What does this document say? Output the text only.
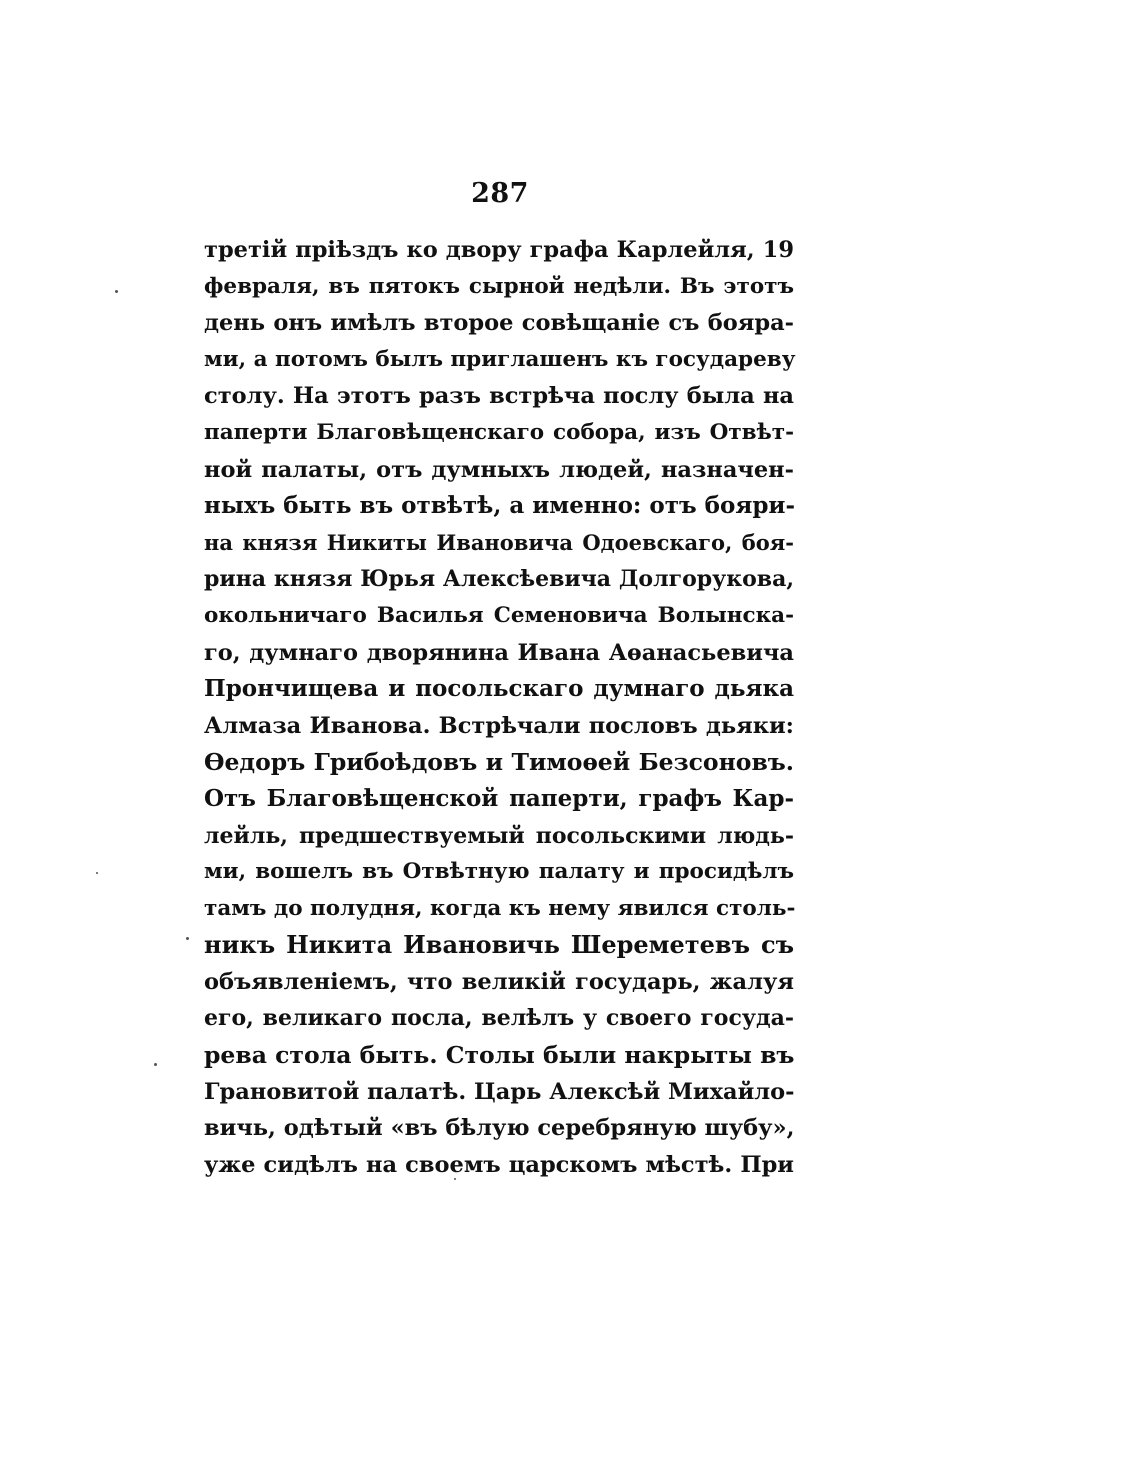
287
третій пріѣздъ ко двору графа Карлейля, 19
февраля, въ пятокъ сырной недѣли. Въ этотъ
день онъ имѣлъ второе совѣщаніе съ бояра-
ми, а потомъ былъ приглашенъ къ государеву
столу. На этотъ разъ встрѣча послу была на
паперти Благовѣщенскаго собора, изъ Отвѣт-
ной палаты, отъ думныхъ людей, назначен-
ныхъ быть въ отвѣтѣ, а именно: отъ бояри-
на князя Никиты Ивановича Одоевскаго, боя-
рина князя Юрья Алексѣевича Долгорукова,
окольничаго Василья Семеновича Волынска-
го, думнаго дворянина Ивана Аѳанасьевича
Прончищева и посольскаго думнаго дьяка
Алмаза Иванова. Встрѣчали пословъ дьяки:
Ѳедоръ Грибоѣдовъ и Тимоѳей Безсоновъ.
Отъ Благовѣщенской паперти, графъ Кар-
лейль, предшествуемый посольскими людь-
ми, вошелъ въ Отвѣтную палату и просидѣлъ
тамъ до полудня, когда къ нему явился столь-
никъ Никита Ивановичь Шереметевъ съ
объявленіемъ, что великій государь, жалуя
его, великаго посла, велѣлъ у своего госуда-
рева стола быть. Столы были накрыты въ
Грановитой палатѣ. Царь Алексѣй Михайло-
вичь, одѣтый «въ бѣлую серебряную шубу»,
уже сидѣлъ на своемъ царскомъ мѣстѣ. При
